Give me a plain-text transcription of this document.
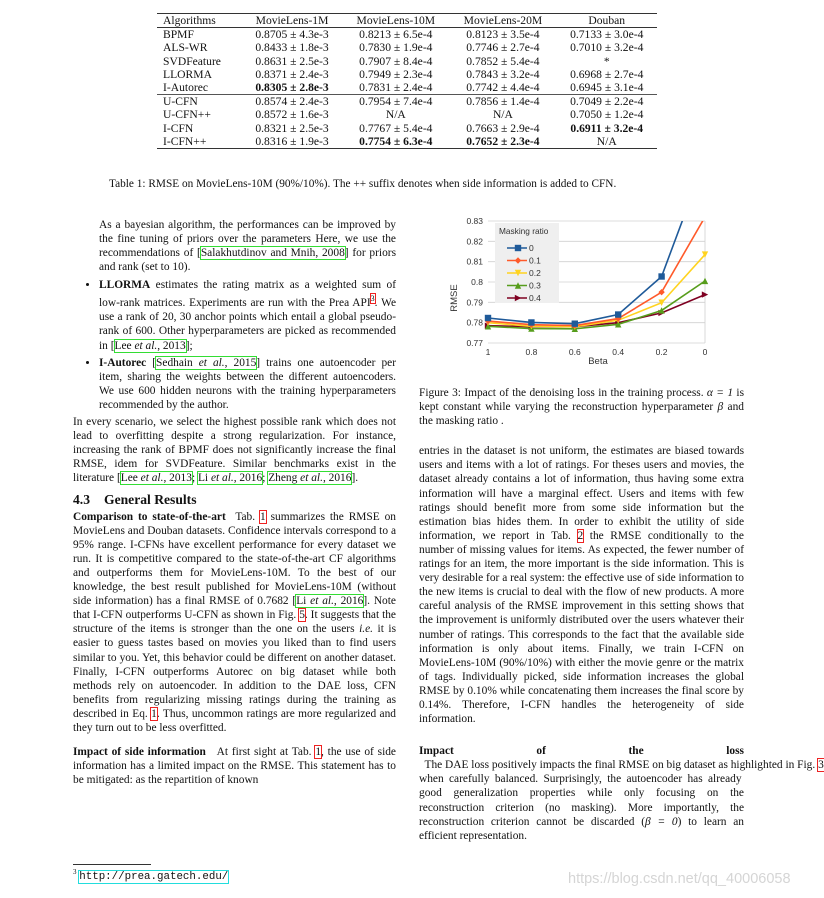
Algorithms	MovieLens-1M	MovieLens-10M	MovieLens-20M	Douban
BPMF	0.8705 ± 4.3e-3	0.8213 ± 6.5e-4	0.8123 ± 3.5e-4	0.7133 ± 3.0e-4
ALS-WR	0.8433 ± 1.8e-3	0.7830 ± 1.9e-4	0.7746 ± 2.7e-4	0.7010 ± 3.2e-4
SVDFeature	0.8631 ± 2.5e-3	0.7907 ± 8.4e-4	0.7852 ± 5.4e-4	*
LLORMA	0.8371 ± 2.4e-3	0.7949 ± 2.3e-4	0.7843 ± 3.2e-4	0.6968 ± 2.7e-4
I-Autorec	0.8305 ± 2.8e-3	0.7831 ± 2.4e-4	0.7742 ± 4.4e-4	0.6945 ± 3.1e-4
U-CFN	0.8574 ± 2.4e-3	0.7954 ± 7.4e-4	0.7856 ± 1.4e-4	0.7049 ± 2.2e-4
U-CFN++	0.8572 ± 1.6e-3	N/A	N/A	0.7050 ± 1.2e-4
I-CFN	0.8321 ± 2.5e-3	0.7767 ± 5.4e-4	0.7663 ± 2.9e-4	0.6911 ± 3.2e-4
I-CFN++	0.8316 ± 1.9e-3	0.7754 ± 6.3e-4	0.7652 ± 2.3e-4	N/A
Table 1: RMSE on MovieLens-10M (90%/10%). The ++ suffix denotes when side information is added to CFN.

As a bayesian algorithm, the performances can be improved by the fine tuning of priors over the parameters Here, we use the recommendations of [Salakhutdinov and Mnih, 2008] for priors and rank (set to 10).

• LLORMA estimates the rating matrix as a weighted sum of low-rank matrices. Experiments are run with the Prea API$^3$. We use a rank of 20, 30 anchor points which entail a global pseudo-rank of 600. Other hyperparameters are picked as recommended in [Lee et al., 2013];
• I-Autorec [Sedhain et al., 2015] trains one autoencoder per item, sharing the weights between the different autoencoders. We use 600 hidden neurons with the training hyperparameters recommended by the author.

In every scenario, we select the highest possible rank which does not lead to overfitting despite a strong regularization. For instance, increasing the rank of BPMF does not significantly increase the final RMSE, idem for SVDFeature. Similar benchmarks exist in the literature [Lee et al., 2013; Li et al., 2016; Zheng et al., 2016].

4.3 General Results

Comparison to state-of-the-art  Tab. 1 summarizes the RMSE on MovieLens and Douban datasets. Confidence intervals correspond to a 95% range. I-CFNs have excellent performance for every dataset we run. It is competitive compared to the state-of-the-art CF algorithms and outperforms them for MovieLens-10M. To the best of our knowledge, the best result published for MovieLens-10M (without side information) has a final RMSE of 0.7682 [Li et al., 2016]. Note that I-CFN outperforms U-CFN as shown in Fig. 5. It suggests that the structure of the items is stronger than the one on the users i.e. it is easier to guess tastes based on movies you liked than to find users similar to you. Yet, this behavior could be different on another dataset. Finally, I-CFN outperforms Autorec on big dataset while both methods rely on autoencoder. In addition to the DAE loss, CFN benefits from regularizing missing ratings during the training as described in Eq. 1. Thus, uncommon ratings are more regularized and they turn out to be less overfitted.

Impact of side information   At first sight at Tab. 1, the use of side information has a limited impact on the RMSE. This statement has to be mitigated: as the repartition of known

$^3$ http://prea.gatech.edu/
0.77
0.78
0.79
0.8
0.81
0.82
0.83
1	0.8	0.6	0.4	0.2	0
RMSE
Beta
Masking ratio
0
0.1
0.2
0.3
0.4

Figure 3: Impact of the denoising loss in the training process. α = 1 is kept constant while varying the reconstruction hyperparameter β and the masking ratio .

entries in the dataset is not uniform, the estimates are biased towards users and items with a lot of ratings. For theses users and movies, the dataset already contains a lot of information, thus having some extra information will have a marginal effect. Users and items with few ratings should benefit more from some side information but the estimation bias hides them. In order to exhibit the utility of side information, we report in Tab. 2 the RMSE conditionally to the number of missing values for items. As expected, the fewer number of ratings for an item, the more important is the side information. This is very desirable for a real system: the effective use of side information to the new items is crucial to deal with the flow of new products. A more careful analysis of the RMSE improvement in this setting shows that the improvement is uniformly distributed over the users whatever their number of ratings. This corresponds to the fact that the available side information is only about items. Finally, we train I-CFN on MovieLens-10M (90%/10%) with either the movie genre or the matrix of tags. Individually picked, side information increases the global RMSE by 0.10% while concatenating them increases the final score by 0.14%. Therefore, I-CFN handles the heterogeneity of side information.

Impact of the loss  The DAE loss positively impacts the final RMSE on big dataset as highlighted in Fig. 3 when carefully balanced. Surprisingly, the autoencoder has already good generalization properties while only focusing on the reconstruction criterion (no masking). More importantly, the reconstruction criterion cannot be discarded (β = 0) to learn an efficient representation.

https://blog.csdn.net/qq_40006058
